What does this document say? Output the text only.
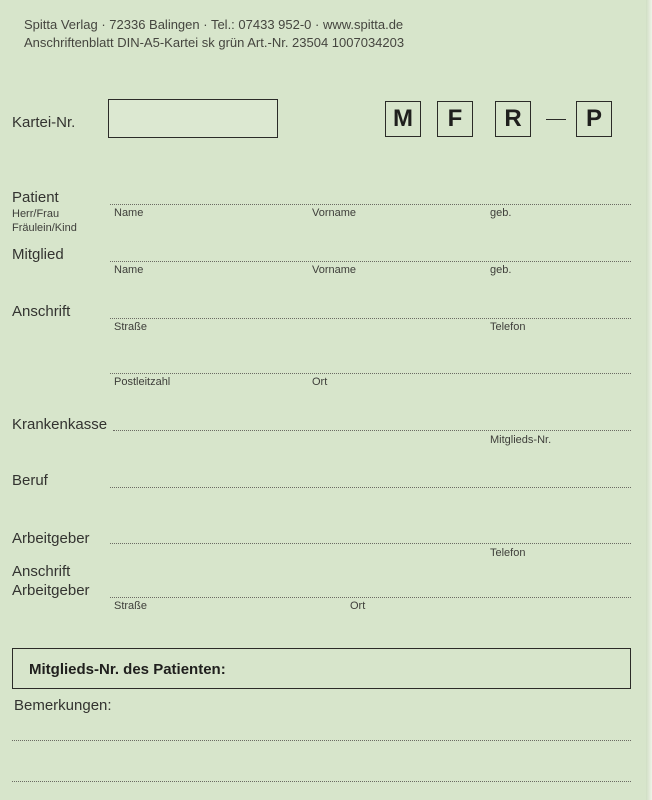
Spitta Verlag · 72336 Balingen · Tel.: 07433 952-0 · www.spitta.de
Anschriftenblatt DIN-A5-Kartei sk grün Art.-Nr. 23504 1007034203
Kartei-Nr.	M	F	R	P
Patient
Herr/Frau
Fräulein/Kind
Name	Vorname	geb.
Mitglied
Name	Vorname	geb.
Anschrift
Straße	Telefon
Postleitzahl	Ort
Krankenkasse
Mitglieds-Nr.
Beruf
Arbeitgeber
Telefon
Anschrift
Arbeitgeber
Straße	Ort
Mitglieds-Nr. des Patienten:
Bemerkungen:
